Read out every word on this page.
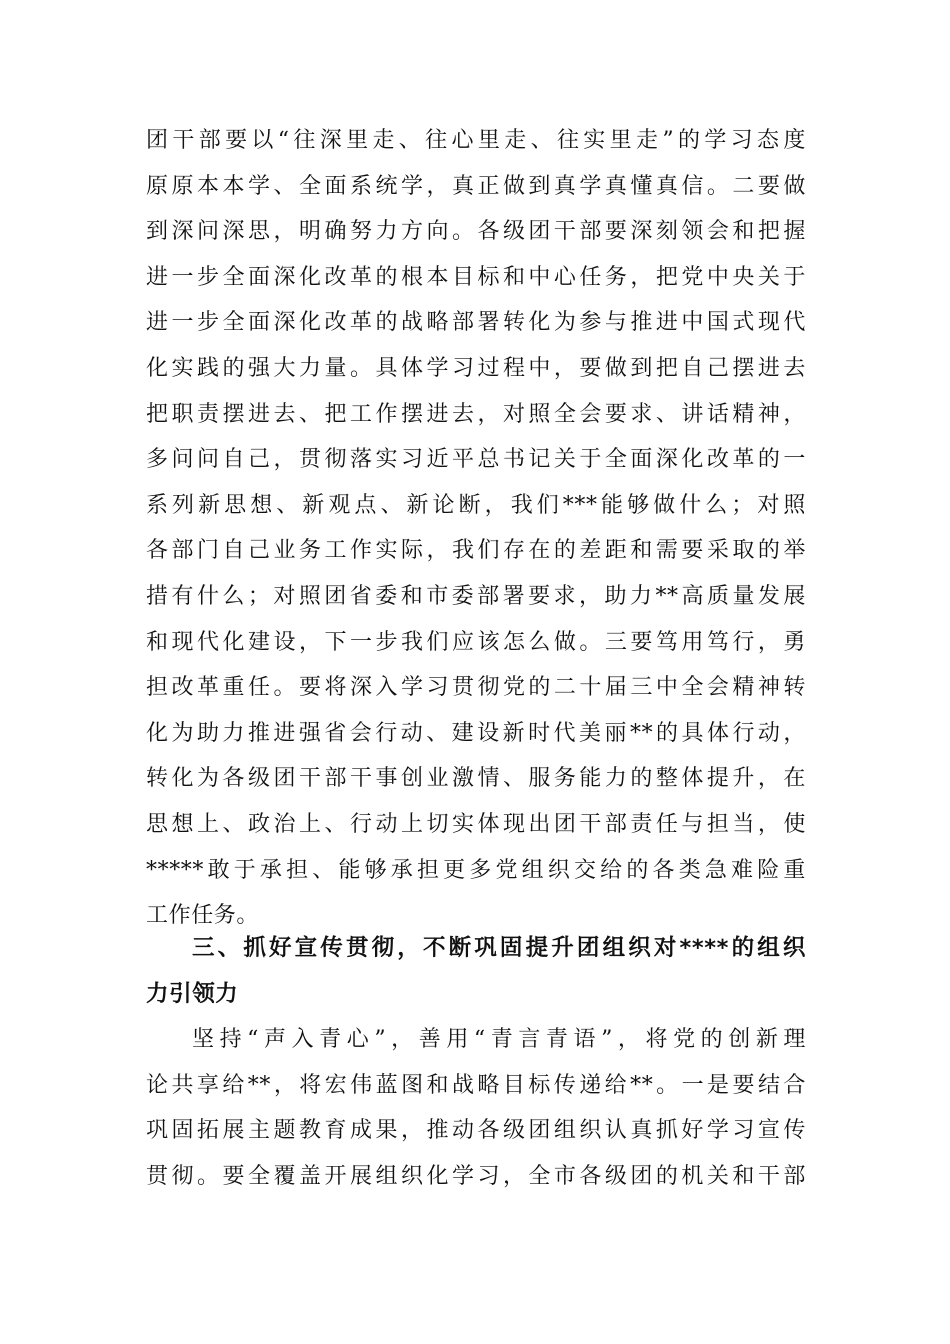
团干部要以“往深里走、往心里走、往实里走”的学习态度
原原本本学、全面系统学，真正做到真学真懂真信。二要做
到深问深思，明确努力方向。各级团干部要深刻领会和把握
进一步全面深化改革的根本目标和中心任务，把党中央关于
进一步全面深化改革的战略部署转化为参与推进中国式现代
化实践的强大力量。具体学习过程中，要做到把自己摆进去
把职责摆进去、把工作摆进去，对照全会要求、讲话精神，
多问问自己，贯彻落实习近平总书记关于全面深化改革的一
系列新思想、新观点、新论断，我们***能够做什么；对照
各部门自己业务工作实际，我们存在的差距和需要采取的举
措有什么；对照团省委和市委部署要求，助力**高质量发展
和现代化建设，下一步我们应该怎么做。三要笃用笃行，勇
担改革重任。要将深入学习贯彻党的二十届三中全会精神转
化为助力推进强省会行动、建设新时代美丽**的具体行动，
转化为各级团干部干事创业激情、服务能力的整体提升，在
思想上、政治上、行动上切实体现出团干部责任与担当，使
*****敢于承担、能够承担更多党组织交给的各类急难险重
工作任务。
三、抓好宣传贯彻，不断巩固提升团组织对****的组织
力引领力
坚持“声入青心”，善用“青言青语”，将党的创新理
论共享给**，将宏伟蓝图和战略目标传递给**。一是要结合
巩固拓展主题教育成果，推动各级团组织认真抓好学习宣传
贯彻。要全覆盖开展组织化学习，全市各级团的机关和干部
